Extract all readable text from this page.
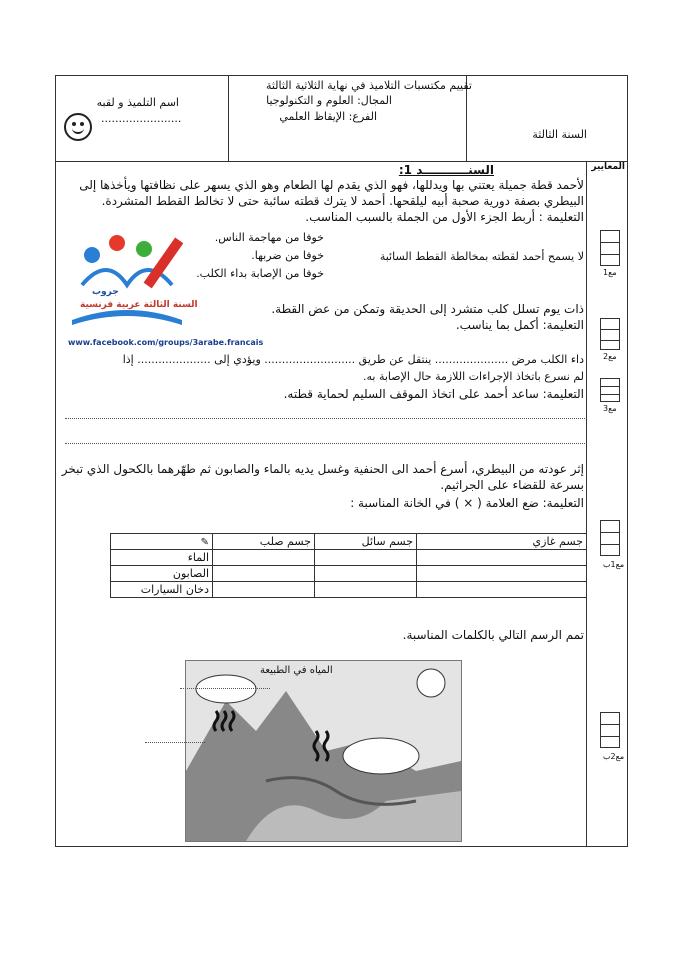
تقييم مكتسبات التلاميذ في نهاية الثلاثية الثالثة
المجال: العلوم و التكنولوجيا
الفرع: الإيقاظ العلمي
السنة الثالثة
اسم التلميذ و لقبه
.......................
المعايير
السنـــــــــــد 1:
لأحمد قطة جميلة يعتني بها ويدللها، فهو الذي يقدم لها الطعام وهو الذي يسهر على نظافتها ويأخذها إلى
البيطري بصفة دورية صحبة أبيه ليلقحها. أحمد لا يترك قطته سائبة حتى لا تخالط القطط المتشردة.
التعليمة : أربط الجزء الأول من الجملة بالسبب المناسب.
لا يسمح أحمد لقطته بمخالطة القطط السائبة
خوفا من مهاجمة الناس.
خوفا من ضربها.
خوفا من الإصابة بداء الكلب.
جروب
السنة الثالثة عربية فرنسية
www.facebook.com/groups/3arabe.francais
ذات يوم تسلل كلب متشرد إلى الحديقة وتمكن من عض القطة.
التعليمة: أكمل بما يناسب.
داء الكلب مرض ..................... ينتقل عن طريق .......................... ويؤدي إلى ..................... إذا
لم نسرع باتخاذ الإجراءات اللازمة حال الإصابة به.
التعليمة: ساعد أحمد على اتخاذ الموقف السليم لحماية قطته.
إثر عودته من البيطري، أسرع أحمد الى الحنفية وغسل يديه بالماء والصابون ثم طهّرهما بالكحول الذي تبخر
بسرعة للقضاء على الجراثيم.
التعليمة: ضع العلامة ( × ) في الخانة المناسبة :
✎	جسم صلب	جسم سائل	جسم غازي
الماء			
الصابون			
دخان السيارات			
تمم الرسم التالي بالكلمات المناسبة.
المياه في الطبيعة
مع1
مع2
مع3
مع1ب
مع2ب
